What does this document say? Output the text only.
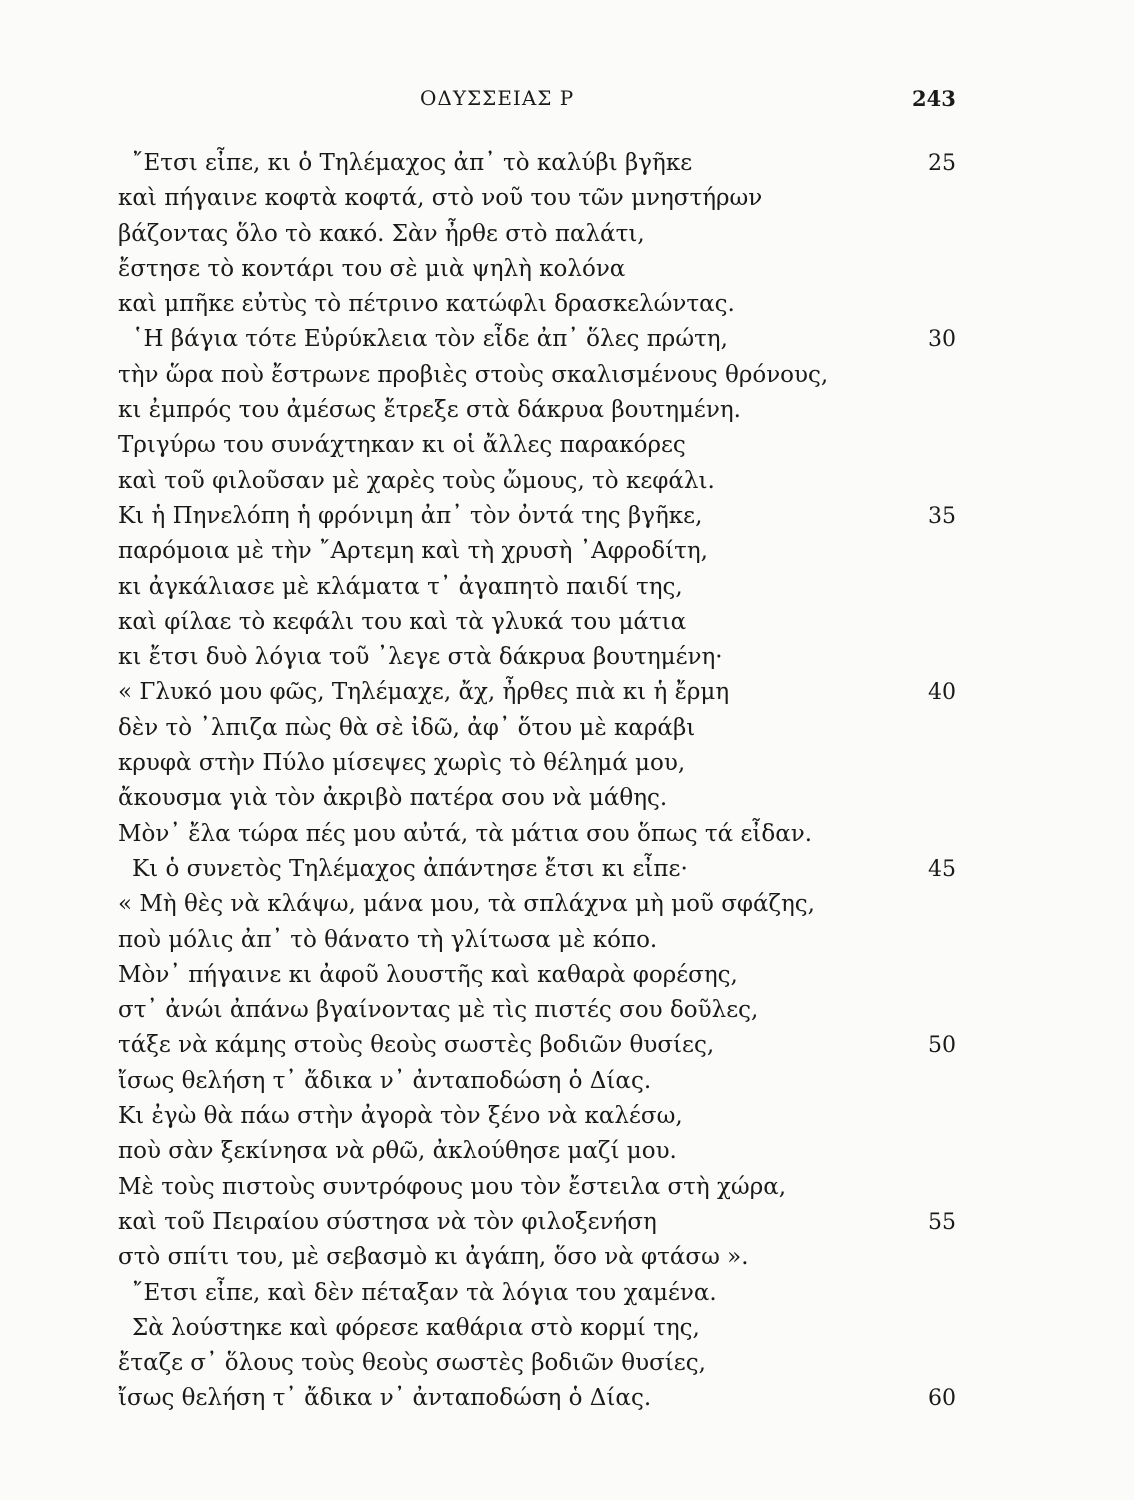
ΟΔΥΣΣΕΙΑΣ Ρ	243
῎Ετσι εἶπε, κι ὁ Τηλέμαχος ἀπ᾽ τὸ καλύβι βγῆκε	25
καὶ πήγαινε κοφτὰ κοφτά, στὸ νοῦ του τῶν μνηστήρων
βάζοντας ὅλο τὸ κακό. Σὰν ἦρθε στὸ παλάτι,
ἔστησε τὸ κοντάρι του σὲ μιὰ ψηλὴ κολόνα
καὶ μπῆκε εὐτὺς τὸ πέτρινο κατώφλι δρασκελώντας.
῾Η βάγια τότε Εὐρύκλεια τὸν εἶδε ἀπ᾽ ὅλες πρώτη,	30
τὴν ὥρα ποὺ ἔστρωνε προβιὲς στοὺς σκαλισμένους θρόνους,
κι ἐμπρός του ἀμέσως ἔτρεξε στὰ δάκρυα βουτημένη.
Τριγύρω του συνάχτηκαν κι οἱ ἄλλες παρακόρες
καὶ τοῦ φιλοῦσαν μὲ χαρὲς τοὺς ὤμους, τὸ κεφάλι.
Κι ἡ Πηνελόπη ἡ φρόνιμη ἀπ᾽ τὸν ὀντά της βγῆκε,	35
παρόμοια μὲ τὴν ῎Αρτεμη καὶ τὴ χρυσὴ ᾽Αφροδίτη,
κι ἀγκάλιασε μὲ κλάματα τ᾽ ἀγαπητὸ παιδί της,
καὶ φίλαε τὸ κεφάλι του καὶ τὰ γλυκά του μάτια
κι ἔτσι δυὸ λόγια τοῦ ᾽λεγε στὰ δάκρυα βουτημένη·
« Γλυκό μου φῶς, Τηλέμαχε, ἄχ, ἦρθες πιὰ κι ἡ ἔρμη	40
δὲν τὸ ᾽λπιζα πὼς θὰ σὲ ἰδῶ, ἀφ᾽ ὅτου μὲ καράβι
κρυφὰ στὴν Πύλο μίσεψες χωρὶς τὸ θέλημά μου,
ἄκουσμα γιὰ τὸν ἀκριβὸ πατέρα σου νὰ μάθης.
Μὸν᾽ ἔλα τώρα πές μου αὐτά, τὰ μάτια σου ὅπως τά εἶδαν.
Κι ὁ συνετὸς Τηλέμαχος ἀπάντησε ἔτσι κι εἶπε·	45
« Μὴ θὲς νὰ κλάψω, μάνα μου, τὰ σπλάχνα μὴ μοῦ σφάζης,
ποὺ μόλις ἀπ᾽ τὸ θάνατο τὴ γλίτωσα μὲ κόπο.
Μὸν᾽ πήγαινε κι ἀφοῦ λουστῆς καὶ καθαρὰ φορέσης,
στ᾽ ἀνώι ἀπάνω βγαίνοντας μὲ τὶς πιστές σου δοῦλες,
τάξε νὰ κάμης στοὺς θεοὺς σωστὲς βοδιῶν θυσίες,	50
ἴσως θελήση τ᾽ ἄδικα ν᾽ ἀνταποδώση ὁ Δίας.
Κι ἐγὼ θὰ πάω στὴν ἀγορὰ τὸν ξένο νὰ καλέσω,
ποὺ σὰν ξεκίνησα νὰ ρθῶ, ἀκλούθησε μαζί μου.
Μὲ τοὺς πιστοὺς συντρόφους μου τὸν ἔστειλα στὴ χώρα,
καὶ τοῦ Πειραίου σύστησα νὰ τὸν φιλοξενήση	55
στὸ σπίτι του, μὲ σεβασμὸ κι ἀγάπη, ὅσο νὰ φτάσω ».
῎Ετσι εἶπε, καὶ δὲν πέταξαν τὰ λόγια του χαμένα.
Σὰ λούστηκε καὶ φόρεσε καθάρια στὸ κορμί της,
ἔταζε σ᾽ ὅλους τοὺς θεοὺς σωστὲς βοδιῶν θυσίες,
ἴσως θελήση τ᾽ ἄδικα ν᾽ ἀνταποδώση ὁ Δίας.	60
